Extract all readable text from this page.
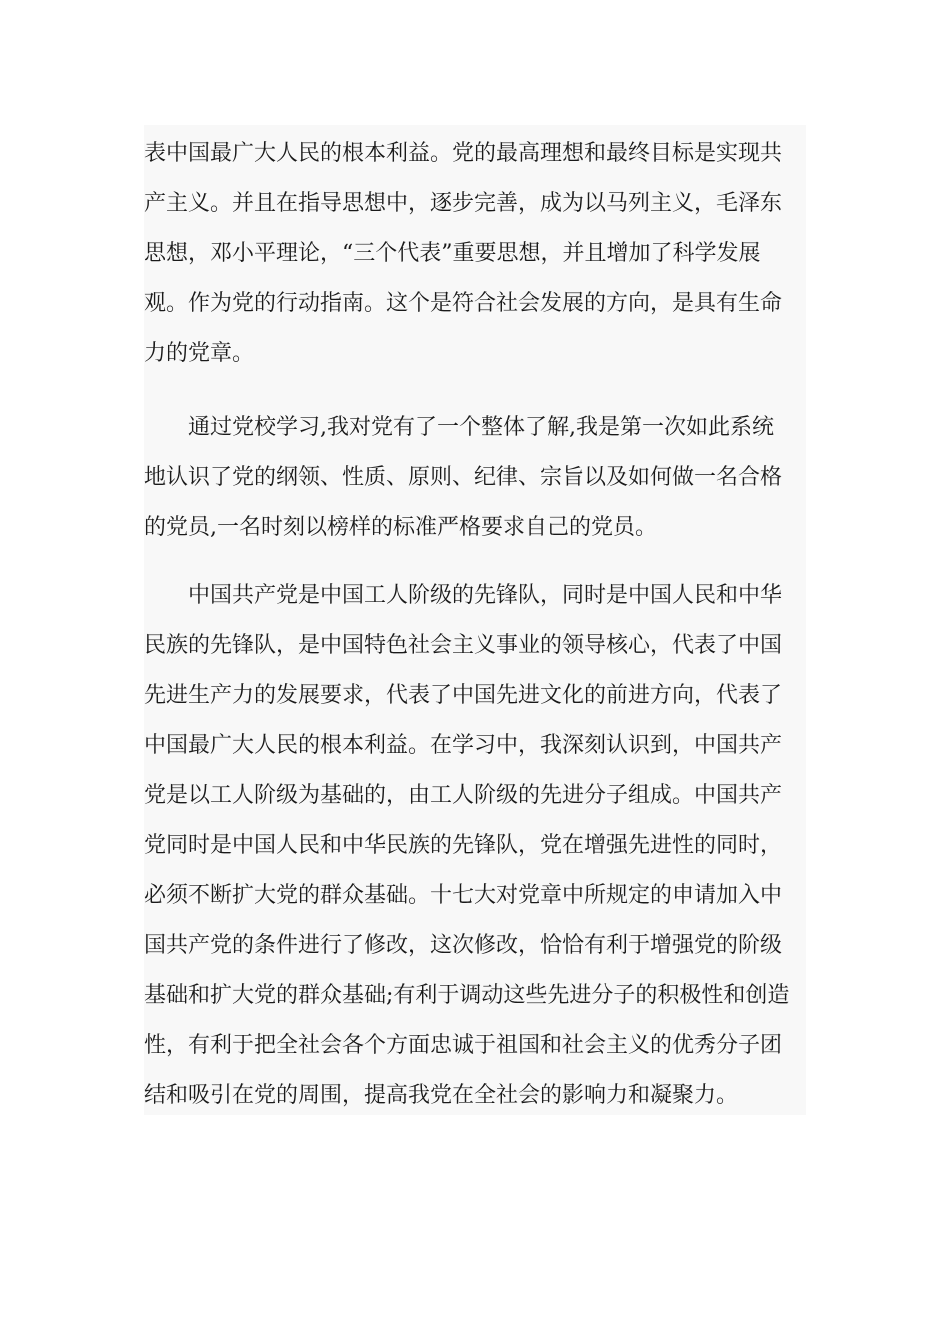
表中国最广大人民的根本利益。党的最高理想和最终目标是实现共
产主义。并且在指导思想中，逐步完善，成为以马列主义，毛泽东
思想，邓小平理论，“三个代表”重要思想，并且增加了科学发展
观。作为党的行动指南。这个是符合社会发展的方向，是具有生命
力的党章。
　　通过党校学习,我对党有了一个整体了解,我是第一次如此系统
地认识了党的纲领、性质、原则、纪律、宗旨以及如何做一名合格
的党员,一名时刻以榜样的标准严格要求自己的党员。
　　中国共产党是中国工人阶级的先锋队，同时是中国人民和中华
民族的先锋队，是中国特色社会主义事业的领导核心，代表了中国
先进生产力的发展要求，代表了中国先进文化的前进方向，代表了
中国最广大人民的根本利益。在学习中，我深刻认识到，中国共产
党是以工人阶级为基础的，由工人阶级的先进分子组成。中国共产
党同时是中国人民和中华民族的先锋队，党在增强先进性的同时，
必须不断扩大党的群众基础。十七大对党章中所规定的申请加入中
国共产党的条件进行了修改，这次修改，恰恰有利于增强党的阶级
基础和扩大党的群众基础;有利于调动这些先进分子的积极性和创造
性，有利于把全社会各个方面忠诚于祖国和社会主义的优秀分子团
结和吸引在党的周围，提高我党在全社会的影响力和凝聚力。
